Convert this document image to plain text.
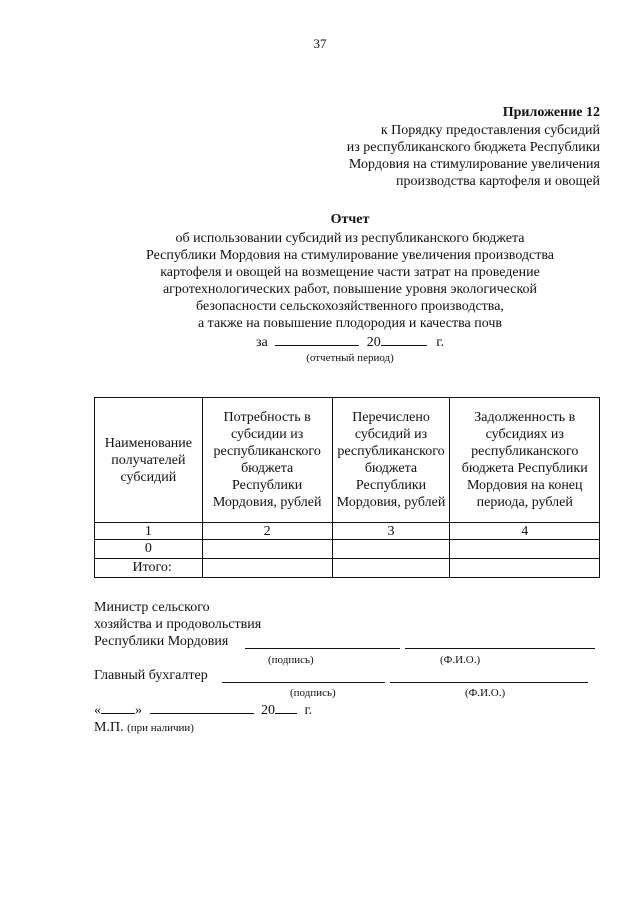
37
Приложение 12
к Порядку предоставления субсидий
из республиканского бюджета Республики
Мордовия на стимулирование увеличения
производства картофеля и овощей
Отчет
об использовании субсидий из республиканского бюджета
Республики Мордовия на стимулирование увеличения производства
картофеля и овощей на возмещение части затрат на проведение
агротехнологических работ, повышение уровня экологической
безопасности сельскохозяйственного производства,
а также на повышение плодородия и качества почв
за	20	г.
(отчетный период)
Наименование получателей субсидий	Потребность в субсидии из республиканского бюджета Республики Мордовия, рублей	Перечислено субсидий из республиканского бюджета Республики Мордовия, рублей	Задолженность в субсидиях из республиканского бюджета Республики Мордовия на конец периода, рублей
1	2	3	4
0			
Итого:			
Министр сельского
хозяйства и продовольствия
Республики Мордовия
(подпись)	(Ф.И.О.)
Главный бухгалтер
(подпись)	(Ф.И.О.)
« »	20 г.
М.П. (при наличии)
